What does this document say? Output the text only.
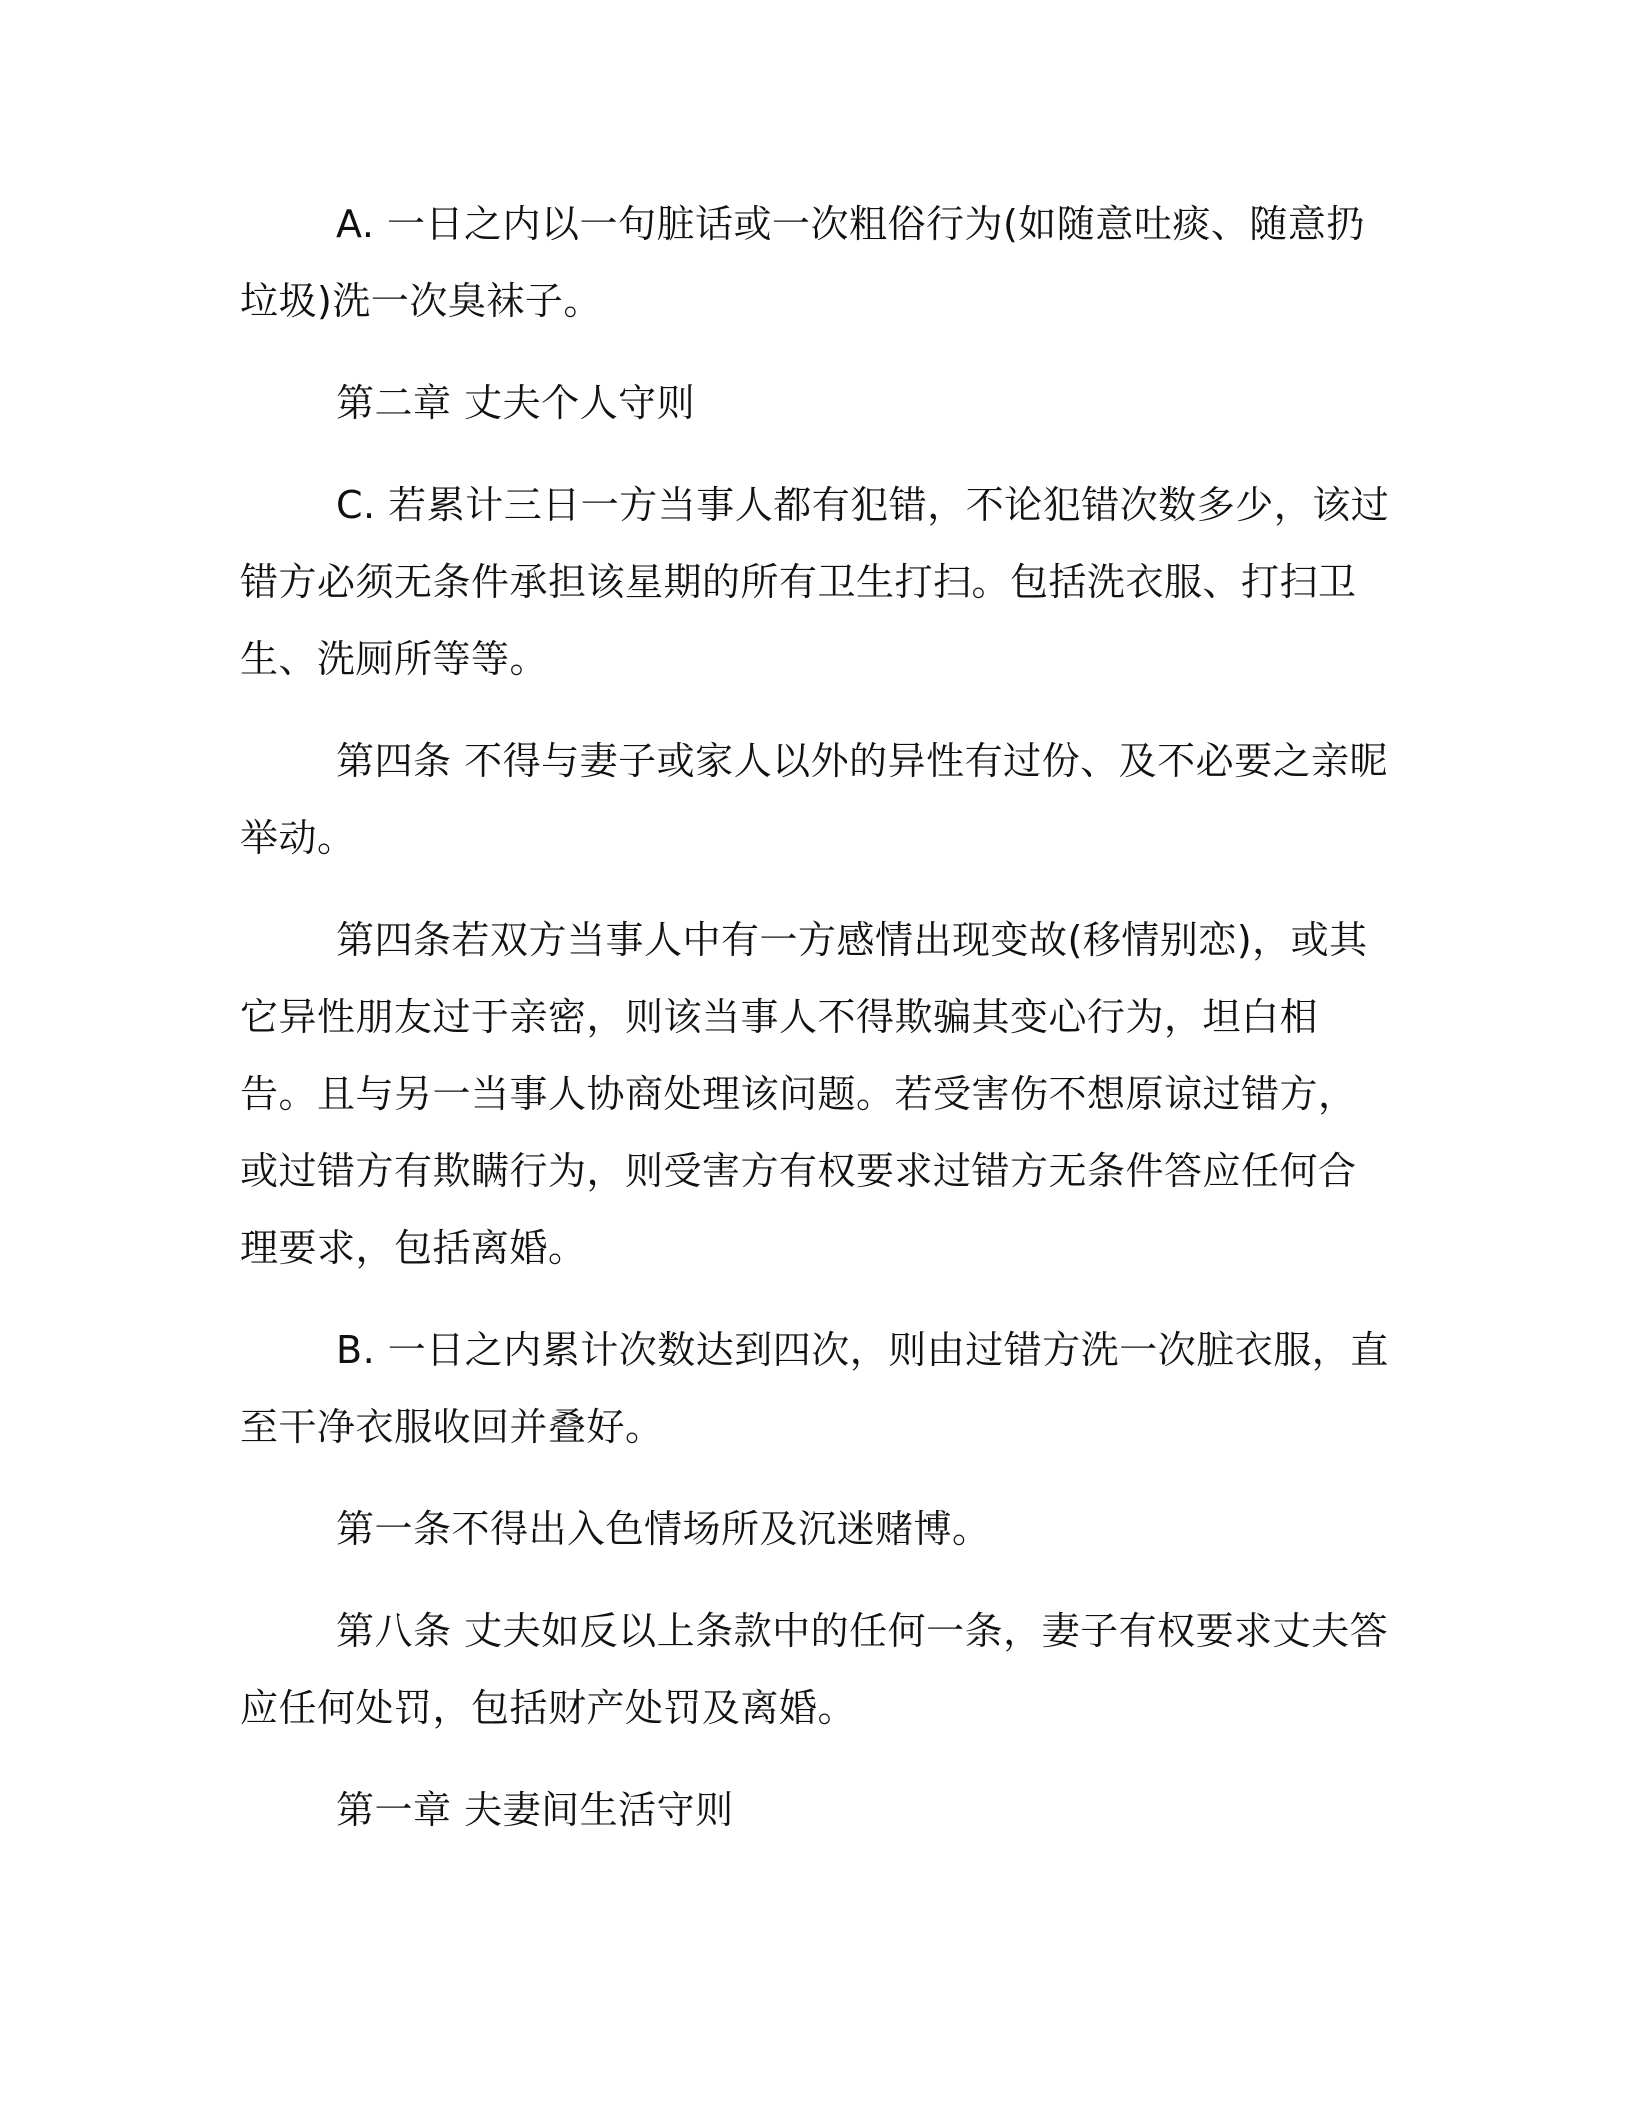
A. 一日之内以一句脏话或一次粗俗行为(如随意吐痰、随意扔垃圾)洗一次臭袜子。

第二章 丈夫个人守则

C. 若累计三日一方当事人都有犯错，不论犯错次数多少，该过错方必须无条件承担该星期的所有卫生打扫。包括洗衣服、打扫卫生、洗厕所等等。

第四条 不得与妻子或家人以外的异性有过份、及不必要之亲昵举动。

第四条若双方当事人中有一方感情出现变故(移情别恋)，或其它异性朋友过于亲密，则该当事人不得欺骗其变心行为，坦白相告。且与另一当事人协商处理该问题。若受害伤不想原谅过错方，或过错方有欺瞒行为，则受害方有权要求过错方无条件答应任何合理要求，包括离婚。

B. 一日之内累计次数达到四次，则由过错方洗一次脏衣服，直至干净衣服收回并叠好。

第一条不得出入色情场所及沉迷赌博。

第八条 丈夫如反以上条款中的任何一条，妻子有权要求丈夫答应任何处罚，包括财产处罚及离婚。

第一章 夫妻间生活守则
